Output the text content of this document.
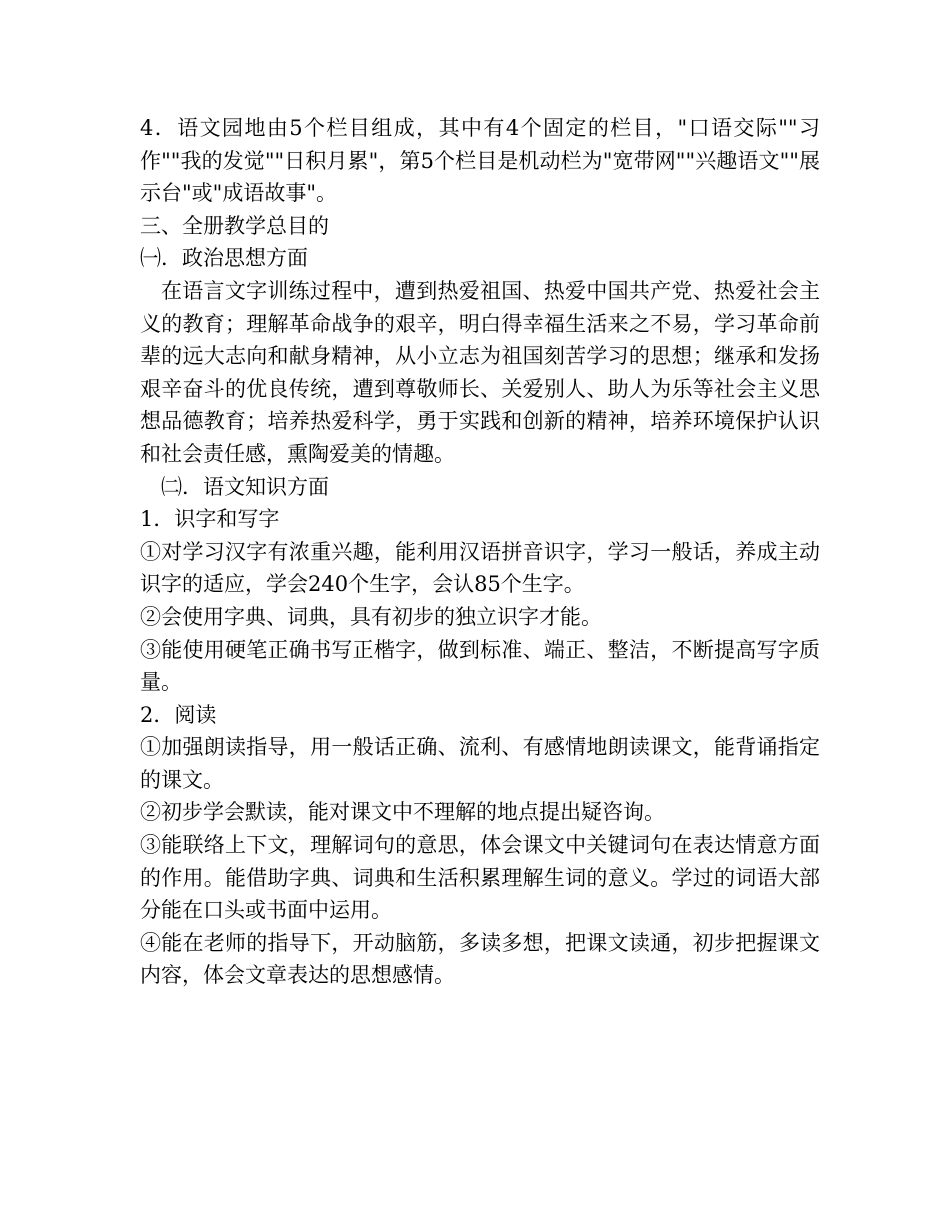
4．语文园地由5个栏目组成，其中有4个固定的栏目，"口语交际""习作""我的发觉""日积月累"，第5个栏目是机动栏为"宽带网""兴趣语文""展示台"或"成语故事"。

三、全册教学总目的

㈠．政治思想方面

在语言文字训练过程中，遭到热爱祖国、热爱中国共产党、热爱社会主义的教育；理解革命战争的艰辛，明白得幸福生活来之不易，学习革命前辈的远大志向和献身精神，从小立志为祖国刻苦学习的思想；继承和发扬艰辛奋斗的优良传统，遭到尊敬师长、关爱别人、助人为乐等社会主义思想品德教育；培养热爱科学，勇于实践和创新的精神，培养环境保护认识和社会责任感，熏陶爱美的情趣。

㈡．语文知识方面

1．识字和写字

①对学习汉字有浓重兴趣，能利用汉语拼音识字，学习一般话，养成主动识字的适应，学会240个生字，会认85个生字。

②会使用字典、词典，具有初步的独立识字才能。

③能使用硬笔正确书写正楷字，做到标准、端正、整洁，不断提高写字质量。

2．阅读

①加强朗读指导，用一般话正确、流利、有感情地朗读课文，能背诵指定的课文。

②初步学会默读，能对课文中不理解的地点提出疑咨询。

③能联络上下文，理解词句的意思，体会课文中关键词句在表达情意方面的作用。能借助字典、词典和生活积累理解生词的意义。学过的词语大部分能在口头或书面中运用。

④能在老师的指导下，开动脑筋，多读多想，把课文读通，初步把握课文内容，体会文章表达的思想感情。
